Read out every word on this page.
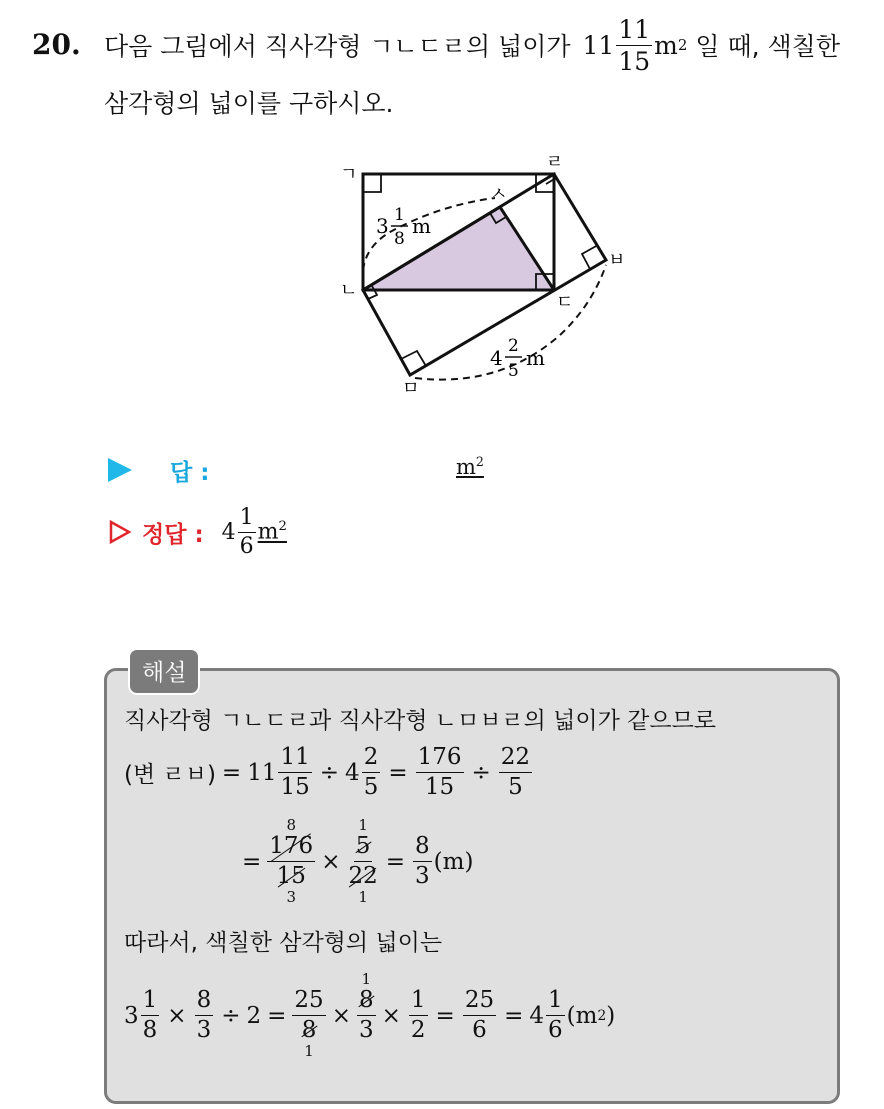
20. 다음 그림에서 직사각형 ㄱㄴㄷㄹ의 넓이가 $11 \frac{11}{15}$ m 2 일 때, 색칠한
삼각형의 넓이를 구하시오.
ㄱ
ㄹ
ㄴ
ㄷ
ㅁ
ㅂ
ㅅ
3 1
8
m
4 2
5
m
답 :	$m^2$
정답 : $4 \frac{1}{6} m^2$
해설
직사각형 ㄱㄴㄷㄹ과 직사각형 ㄴㅁㅂㄹ의 넓이가 같으므로
(변 ㄹㅂ) = $11 \frac{11}{15} \div 4 \frac{2}{5} = \frac{176}{15} \div \frac{22}{5}$
=
8
$\frac{176}{15}$
3
×
1
$\frac{5}{22}$
1
= $\frac{8}{3} (m)$
따라서, 색칠한 삼각형의 넓이는
$3 \frac{1}{8} \times \frac{8}{3} \div 2 = \frac{25}{8}$
1
×
1
$\frac{8}{3} \times \frac{1}{2} = \frac{25}{6} = 4 \frac{1}{6} (m$ 2 )
